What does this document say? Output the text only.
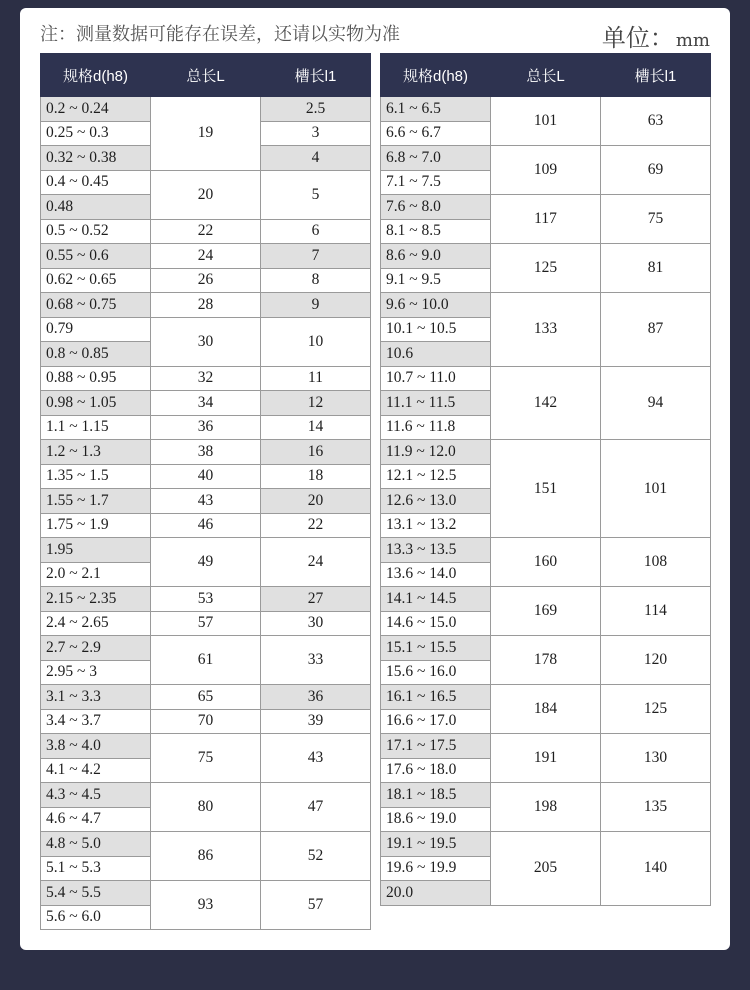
注：测量数据可能存在误差，还请以实物为准	单位： mm
规格d(h8)	总长L	槽长l1
0.2 ~ 0.24	19	2.5
0.25 ~ 0.3		3
0.32 ~ 0.38		4
0.4 ~ 0.45	20	5
0.48		
0.5 ~ 0.52	22	6
0.55 ~ 0.6	24	7
0.62 ~ 0.65	26	8
0.68 ~ 0.75	28	9
0.79	30	10
0.8 ~ 0.85		
0.88 ~ 0.95	32	11
0.98 ~ 1.05	34	12
1.1 ~ 1.15	36	14
1.2 ~ 1.3	38	16
1.35 ~ 1.5	40	18
1.55 ~ 1.7	43	20
1.75 ~ 1.9	46	22
1.95	49	24
2.0 ~ 2.1		
2.15 ~ 2.35	53	27
2.4 ~ 2.65	57	30
2.7 ~ 2.9	61	33
2.95 ~ 3		
3.1 ~ 3.3	65	36
3.4 ~ 3.7	70	39
3.8 ~ 4.0	75	43
4.1 ~ 4.2		
4.3 ~ 4.5	80	47
4.6 ~ 4.7		
4.8 ~ 5.0	86	52
5.1 ~ 5.3		
5.4 ~ 5.5	93	57
5.6 ~ 6.0		
规格d(h8)	总长L	槽长l1
6.1 ~ 6.5	101	63
6.6 ~ 6.7		
6.8 ~ 7.0	109	69
7.1 ~ 7.5		
7.6 ~ 8.0	117	75
8.1 ~ 8.5		
8.6 ~ 9.0	125	81
9.1 ~ 9.5		
9.6 ~ 10.0	133	87
10.1 ~ 10.5		
10.6		
10.7 ~ 11.0	142	94
11.1 ~ 11.5		
11.6 ~ 11.8		
11.9 ~ 12.0	151	101
12.1 ~ 12.5		
12.6 ~ 13.0		
13.1 ~ 13.2		
13.3 ~ 13.5	160	108
13.6 ~ 14.0		
14.1 ~ 14.5	169	114
14.6 ~ 15.0		
15.1 ~ 15.5	178	120
15.6 ~ 16.0		
16.1 ~ 16.5	184	125
16.6 ~ 17.0		
17.1 ~ 17.5	191	130
17.6 ~ 18.0		
18.1 ~ 18.5	198	135
18.6 ~ 19.0		
19.1 ~ 19.5	205	140
19.6 ~ 19.9		
20.0		
